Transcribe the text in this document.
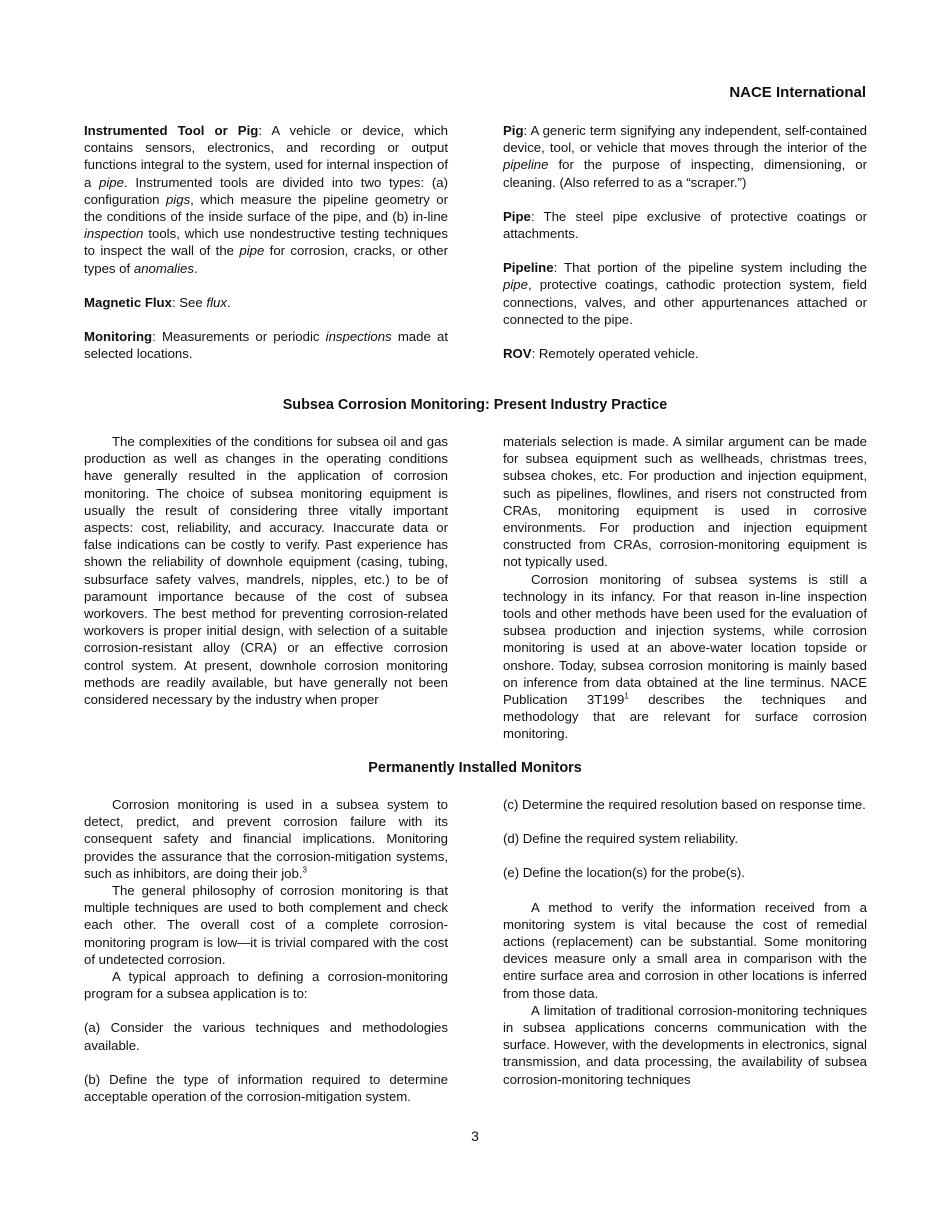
NACE International

Instrumented Tool or Pig: A vehicle or device, which contains sensors, electronics, and recording or output functions integral to the system, used for internal inspection of a pipe. Instrumented tools are divided into two types: (a) configuration pigs, which measure the pipeline geometry or the conditions of the inside surface of the pipe, and (b) in-line inspection tools, which use nondestructive testing techniques to inspect the wall of the pipe for corrosion, cracks, or other types of anomalies.

Magnetic Flux: See flux.

Monitoring: Measurements or periodic inspections made at selected locations.

Pig: A generic term signifying any independent, self-contained device, tool, or vehicle that moves through the interior of the pipeline for the purpose of inspecting, dimensioning, or cleaning. (Also referred to as a “scraper.”)

Pipe: The steel pipe exclusive of protective coatings or attachments.

Pipeline: That portion of the pipeline system including the pipe, protective coatings, cathodic protection system, field connections, valves, and other appurtenances attached or connected to the pipe.

ROV: Remotely operated vehicle.

Subsea Corrosion Monitoring: Present Industry Practice

The complexities of the conditions for subsea oil and gas production as well as changes in the operating conditions have generally resulted in the application of corrosion monitoring. The choice of subsea monitoring equipment is usually the result of considering three vitally important aspects: cost, reliability, and accuracy. Inaccurate data or false indications can be costly to verify. Past experience has shown the reliability of downhole equipment (casing, tubing, subsurface safety valves, mandrels, nipples, etc.) to be of paramount importance because of the cost of subsea workovers. The best method for preventing corrosion-related workovers is proper initial design, with selection of a suitable corrosion-resistant alloy (CRA) or an effective corrosion control system. At present, downhole corrosion monitoring methods are readily available, but have generally not been considered necessary by the industry when proper

materials selection is made. A similar argument can be made for subsea equipment such as wellheads, christmas trees, subsea chokes, etc. For production and injection equipment, such as pipelines, flowlines, and risers not constructed from CRAs, monitoring equipment is used in corrosive environments. For production and injection equipment constructed from CRAs, corrosion-monitoring equipment is not typically used.

Corrosion monitoring of subsea systems is still a technology in its infancy. For that reason in-line inspection tools and other methods have been used for the evaluation of subsea production and injection systems, while corrosion monitoring is used at an above-water location topside or onshore. Today, subsea corrosion monitoring is mainly based on inference from data obtained at the line terminus. NACE Publication $3T199^1$ describes the techniques and methodology that are relevant for surface corrosion monitoring.

Permanently Installed Monitors

Corrosion monitoring is used in a subsea system to detect, predict, and prevent corrosion failure with its consequent safety and financial implications. Monitoring provides the assurance that the corrosion-mitigation systems, such as inhibitors, are doing their job.$^3$

The general philosophy of corrosion monitoring is that multiple techniques are used to both complement and check each other. The overall cost of a complete corrosion-monitoring program is low—it is trivial compared with the cost of undetected corrosion.

A typical approach to defining a corrosion-monitoring program for a subsea application is to:

(a) Consider the various techniques and methodologies available.

(b) Define the type of information required to determine acceptable operation of the corrosion-mitigation system.

(c) Determine the required resolution based on response time.

(d) Define the required system reliability.

(e) Define the location(s) for the probe(s).

A method to verify the information received from a monitoring system is vital because the cost of remedial actions (replacement) can be substantial. Some monitoring devices measure only a small area in comparison with the entire surface area and corrosion in other locations is inferred from those data.

A limitation of traditional corrosion-monitoring techniques in subsea applications concerns communication with the surface. However, with the developments in electronics, signal transmission, and data processing, the availability of subsea corrosion-monitoring techniques

3
